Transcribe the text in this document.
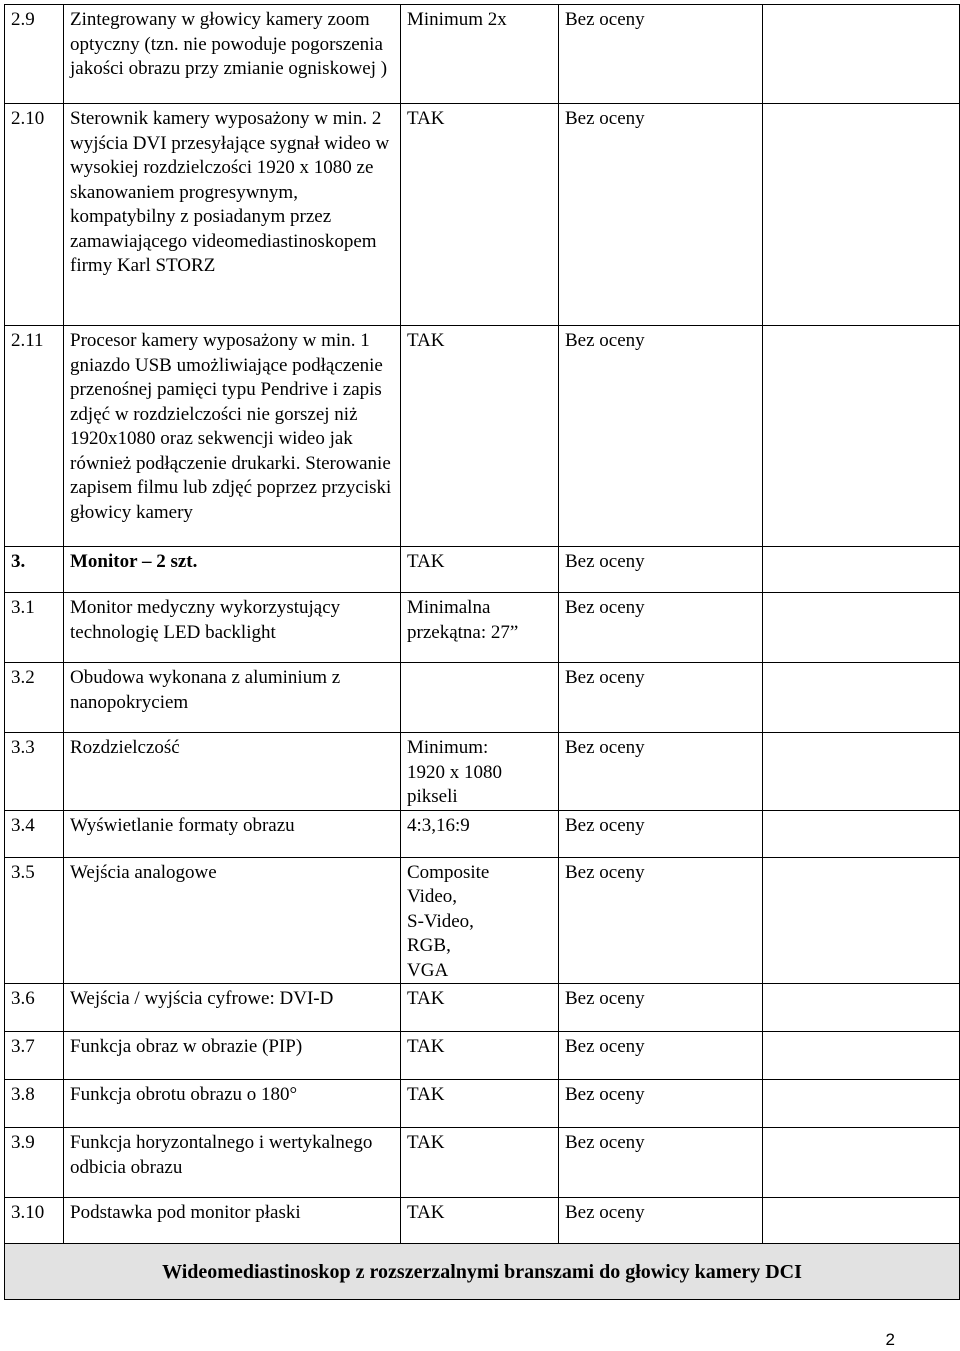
2.9	Zintegrowany w głowicy kamery zoom optyczny (tzn. nie powoduje pogorszenia jakości obrazu przy zmianie ogniskowej )	Minimum 2x	Bez oceny	
2.10	Sterownik kamery wyposażony w min. 2 wyjścia DVI przesyłające sygnał wideo w wysokiej rozdzielczości 1920 x 1080 ze skanowaniem progresywnym, kompatybilny z posiadanym przez zamawiającego videomediastinoskopem firmy Karl STORZ	TAK	Bez oceny	
2.11	Procesor kamery wyposażony w min. 1 gniazdo USB umożliwiające podłączenie przenośnej pamięci typu Pendrive i zapis zdjęć w rozdzielczości nie gorszej niż 1920x1080 oraz sekwencji wideo jak również podłączenie drukarki. Sterowanie zapisem filmu lub zdjęć poprzez przyciski głowicy kamery	TAK	Bez oceny	
3.	Monitor – 2 szt.	TAK	Bez oceny	
3.1	Monitor medyczny wykorzystujący technologię LED backlight	Minimalna przekątna: 27”	Bez oceny	
3.2	Obudowa wykonana z aluminium z nanopokryciem		Bez oceny	
3.3	Rozdzielczość	Minimum:
1920 x 1080
pikseli	Bez oceny	
3.4	Wyświetlanie formaty obrazu	4:3,16:9	Bez oceny	
3.5	Wejścia analogowe	Composite
Video,
S-Video,
RGB,
VGA	Bez oceny	
3.6	Wejścia / wyjścia cyfrowe: DVI-D	TAK	Bez oceny	
3.7	Funkcja obraz w obrazie (PIP)	TAK	Bez oceny	
3.8	Funkcja obrotu obrazu o 180°	TAK	Bez oceny	
3.9	Funkcja horyzontalnego i wertykalnego odbicia obrazu	TAK	Bez oceny	
3.10	Podstawka pod monitor płaski	TAK	Bez oceny	
Wideomediastinoskop z rozszerzalnymi branszami do głowicy kamery DCI				
2
